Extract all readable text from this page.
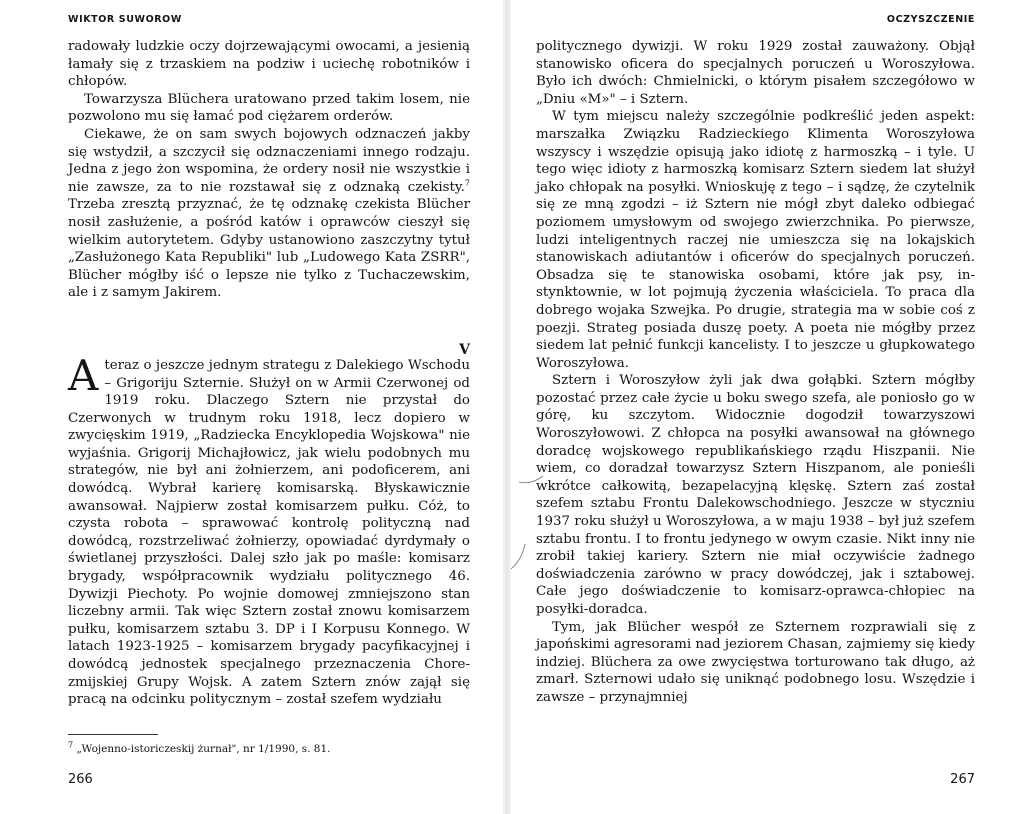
WIKTOR SUWOROW

radowały ludzkie oczy dojrzewającymi owocami, a jesienią łamały się z trzaskiem na podziw i uciechę robotników i chłopów.

Towarzysza Blüchera uratowano przed takim losem, nie pozwolono mu się łamać pod ciężarem orderów.

Ciekawe, że on sam swych bojowych odznaczeń jakby się wstydził, a szczycił się odznaczeniami innego rodzaju. Jedna z jego żon wspomina, że ordery nosił nie wszystkie i nie zawsze, za to nie rozstawał się z odznaką czekisty.$^7$ Trzeba zresztą przyznać, że tę odznakę czekista Blücher nosił zasłużenie, a pośród katów i oprawców cieszył się wielkim autorytetem. Gdyby ustanowiono zaszczytny tytuł „Zasłużonego Kata Republiki" lub „Ludowego Kata ZSRR", Blücher mógłby iść o lepsze nie tylko z Tuchaczewskim, ale i z samym Jakirem.

V

A teraz o jeszcze jednym strategu z Dalekiego Wschodu – Grigoriju Szternie. Służył on w Armii Czerwonej od 1919 roku. Dlaczego Sztern nie przystał do Czerwonych w trudnym roku 1918, lecz dopiero w zwycięskim 1919, „Radziecka Encyklopedia Wojskowa" nie wyjaśnia. Grigorij Michajłowicz, jak wielu podobnych mu strategów, nie był ani żołnierzem, ani podoficerem, ani dowódcą. Wybrał karierę komisarską. Błyskawicznie awansował. Najpierw został komisarzem pułku. Cóż, to czysta robota – sprawować kontrolę polityczną nad dowódcą, rozstrzeliwać żołnierzy, opowiadać dyrdymały o świetlanej przyszłości. Dalej szło jak po maśle: komisarz brygady, współpracownik wydziału politycznego 46. Dywizji Piechoty. Po wojnie domowej zmniejszono stan liczebny armii. Tak więc Sztern został znowu komisarzem pułku, komisarzem sztabu 3. DP i I Korpusu Konnego. W latach 1923-1925 – komisarzem brygady pacyfikacyjnej i dowódcą jednostek specjalnego przeznaczenia Chorezmijskiej Grupy Wojsk. A zatem Sztern znów zajął się pracą na odcinku politycznym – został szefem wydziału

$^7$ „Wojenno-istoriczeskij żurnał", nr 1/1990, s. 81.
266
OCZYSZCZENIE

politycznego dywizji. W roku 1929 został zauważony. Objął stanowisko oficera do specjalnych poruczeń u Woroszyłowa. Było ich dwóch: Chmielnicki, o którym pisałem szczegółowo w „Dniu «M»" – i Sztern.

W tym miejscu należy szczególnie podkreślić jeden aspekt: marszałka Związku Radzieckiego Klimenta Woroszyłowa wszyscy i wszędzie opisują jako idiotę z harmoszką – i tyle. U tego więc idioty z harmoszką komisarz Sztern siedem lat służył jako chłopak na posyłki. Wnioskuję z tego – i sądzę, że czytelnik się ze mną zgodzi – iż Sztern nie mógł zbyt daleko odbiegać poziomem umysłowym od swojego zwierzchnika. Po pierwsze, ludzi inteligentnych raczej nie umieszcza się na lokajskich stanowiskach adiutantów i oficerów do specjalnych poruczeń. Obsadza się te stanowiska osobami, które jak psy, instynktownie, w lot pojmują życzenia właściciela. To praca dla dobrego wojaka Szwejka. Po drugie, strategia ma w sobie coś z poezji. Strateg posiada duszę poety. A poeta nie mógłby przez siedem lat pełnić funkcji kancelisty. I to jeszcze u głupkowatego Woroszyłowa.

Sztern i Woroszyłow żyli jak dwa gołąbki. Sztern mógłby pozostać przez całe życie u boku swego szefa, ale poniosło go w górę, ku szczytom. Widocznie dogodził towarzyszowi Woroszyłowowi. Z chłopca na posyłki awansował na głównego doradcę wojskowego republikańskiego rządu Hiszpanii. Nie wiem, co doradzał towarzysz Sztern Hiszpanom, ale ponieśli wkrótce całkowitą, bezapelacyjną klęskę. Sztern zaś został szefem sztabu Frontu Dalekowschodniego. Jeszcze w styczniu 1937 roku służył u Woroszyłowa, a w maju 1938 – był już szefem sztabu frontu. I to frontu jedynego w owym czasie. Nikt inny nie zrobił takiej kariery. Sztern nie miał oczywiście żadnego doświadczenia zarówno w pracy dowódczej, jak i sztabowej. Całe jego doświadczenie to komisarz-oprawca-chłopiec na posyłki-doradca.

Tym, jak Blücher wespół ze Szternem rozprawiali się z japońskimi agresorami nad jeziorem Chasan, zajmiemy się kiedy indziej. Blüchera za owe zwycięstwa torturowano tak długo, aż zmarł. Szternowi udało się uniknąć podobnego losu. Wszędzie i zawsze – przynajmniej

267
